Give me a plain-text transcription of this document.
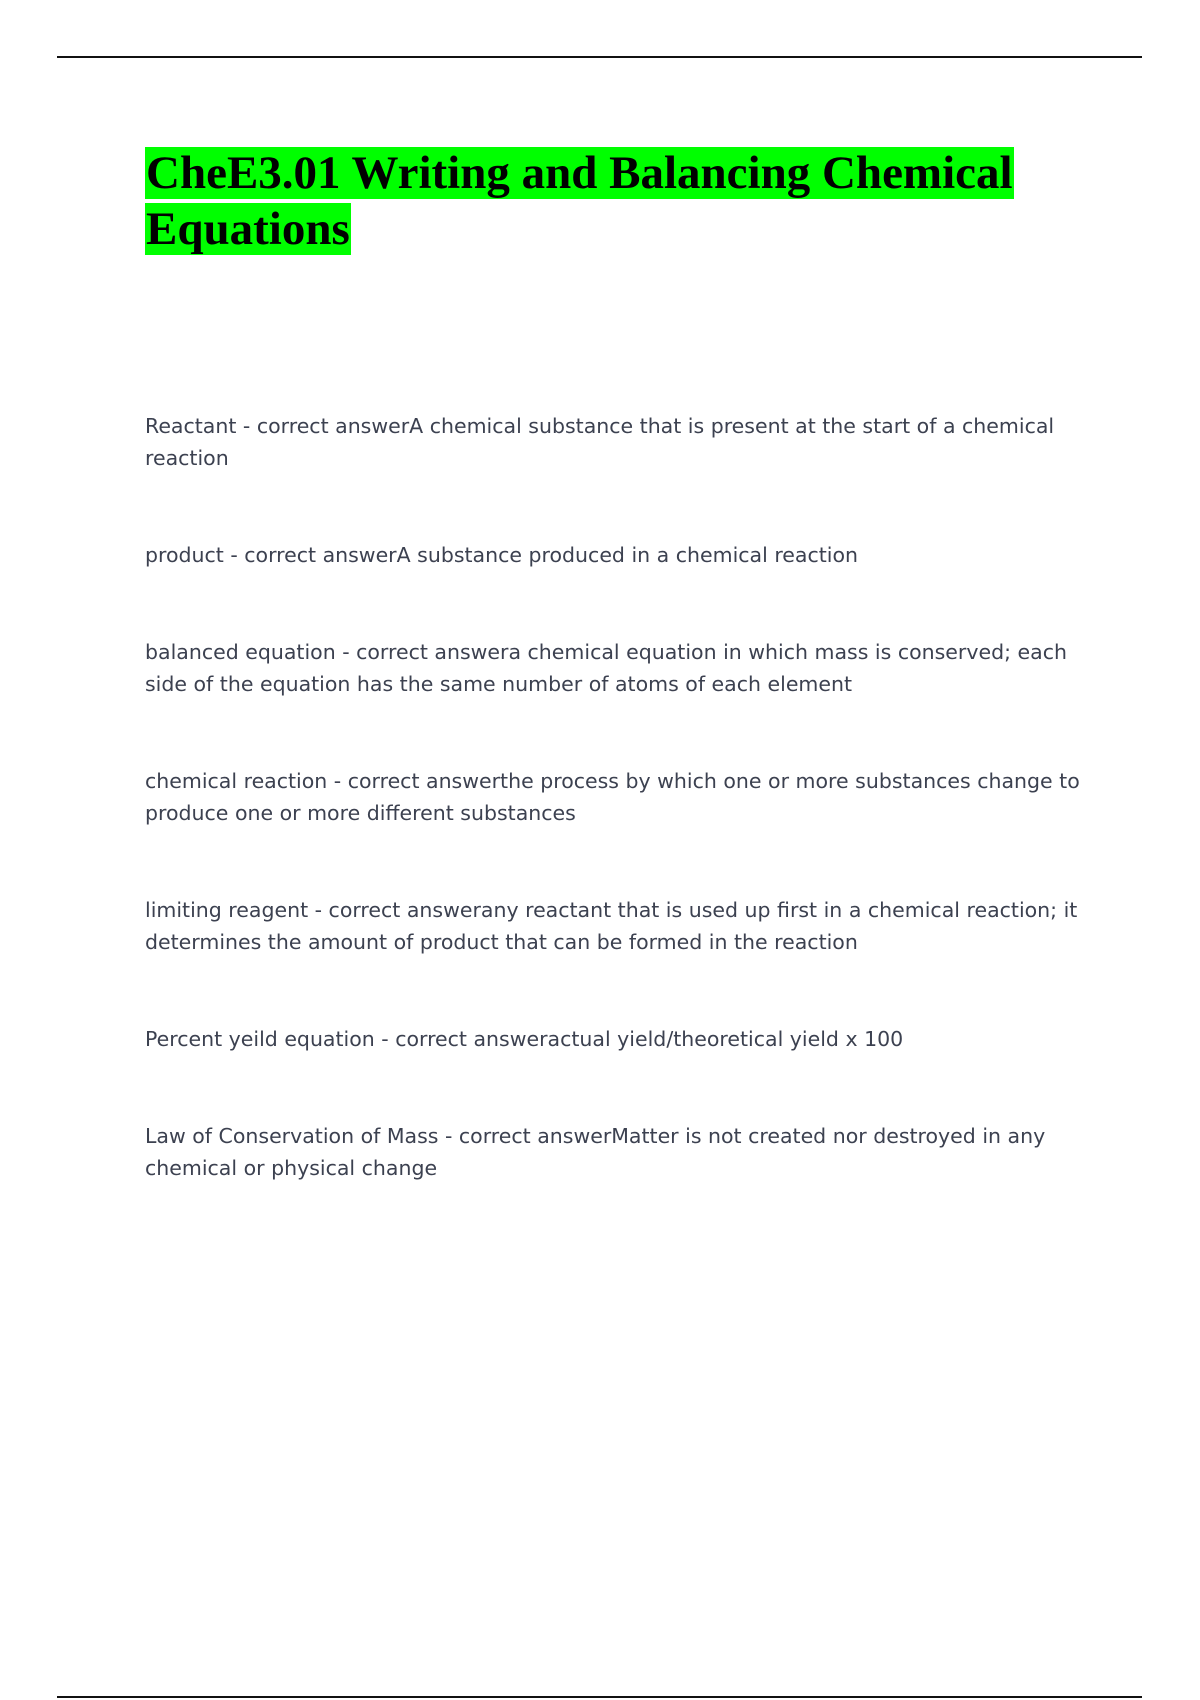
CheE3.01 Writing and Balancing Chemical Equations

Reactant - correct answerA chemical substance that is present at the start of a chemical reaction

product - correct answerA substance produced in a chemical reaction

balanced equation - correct answera chemical equation in which mass is conserved; each side of the equation has the same number of atoms of each element

chemical reaction - correct answerthe process by which one or more substances change to produce one or more different substances

limiting reagent - correct answerany reactant that is used up first in a chemical reaction; it determines the amount of product that can be formed in the reaction

Percent yeild equation - correct answeractual yield/theoretical yield x 100

Law of Conservation of Mass - correct answerMatter is not created nor destroyed in any chemical or physical change
